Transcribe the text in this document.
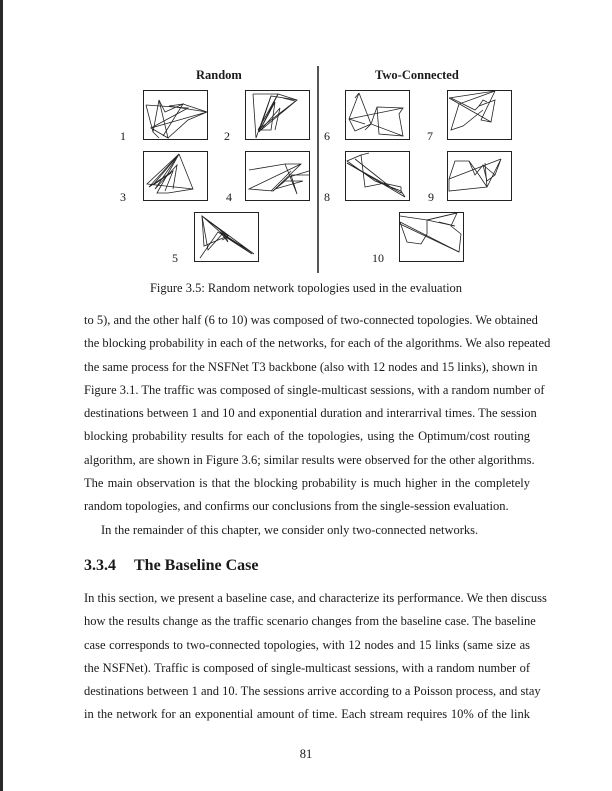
Random	Two-Connected
1	2
3	4
5
6	7
8	9
10
Figure 3.5: Random network topologies used in the evaluation
to 5), and the other half (6 to 10) was composed of two-connected topologies. We obtained
the blocking probability in each of the networks, for each of the algorithms. We also repeated
the same process for the NSFNet T3 backbone (also with 12 nodes and 15 links), shown in
Figure 3.1. The traffic was composed of single-multicast sessions, with a random number of
destinations between 1 and 10 and exponential duration and interarrival times. The session
blocking probability results for each of the topologies, using the Optimum/cost routing
algorithm, are shown in Figure 3.6; similar results were observed for the other algorithms.
The main observation is that the blocking probability is much higher in the completely
random topologies, and confirms our conclusions from the single-session evaluation.
In the remainder of this chapter, we consider only two-connected networks.
3.3.4 The Baseline Case
In this section, we present a baseline case, and characterize its performance. We then discuss
how the results change as the traffic scenario changes from the baseline case. The baseline
case corresponds to two-connected topologies, with 12 nodes and 15 links (same size as
the NSFNet). Traffic is composed of single-multicast sessions, with a random number of
destinations between 1 and 10. The sessions arrive according to a Poisson process, and stay
in the network for an exponential amount of time. Each stream requires 10% of the link
81
